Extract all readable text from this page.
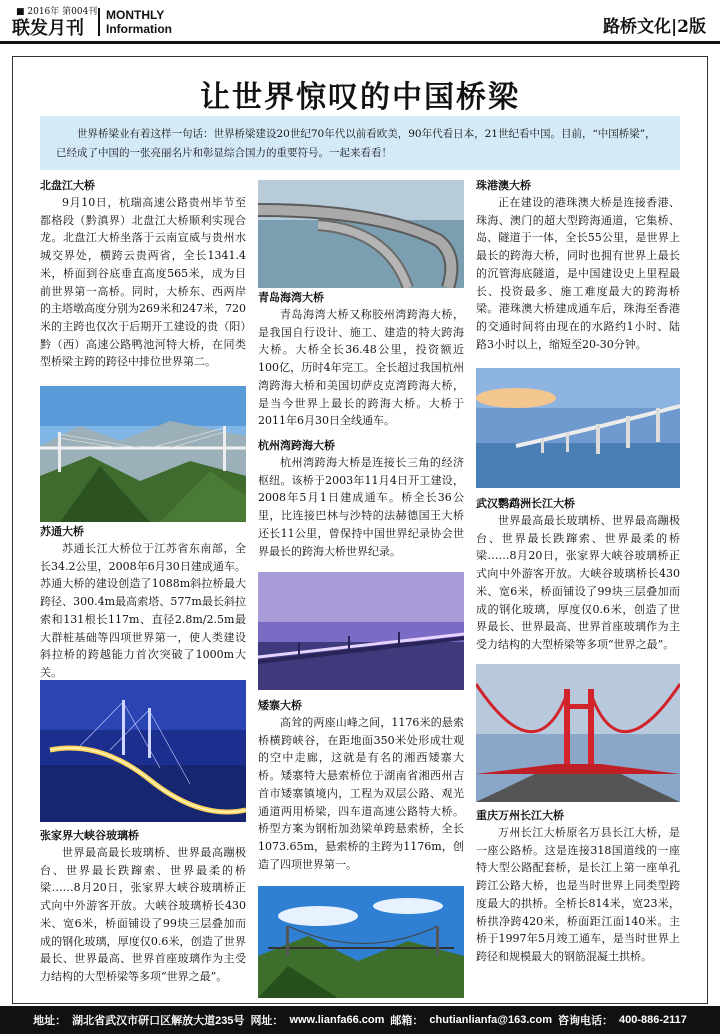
■ 2016年 第004刊
联发月刊
MONTHLY
Information	路桥文化|2版
让世界惊叹的中国桥梁
世界桥梁业有着这样一句话：世界桥梁建设20世纪70年代以前看欧美，90年代看日本，21世纪看中国。目前，“中国桥梁”，已经成了中国的一张亮丽名片和彰显综合国力的重要符号。一起来看看！
北盘江大桥

9月10日，杭瑞高速公路贵州毕节至都格段（黔滇界）北盘江大桥顺利实现合龙。北盘江大桥坐落于云南宣威与贵州水城交界处，横跨云贵两省，全长1341.4米，桥面到谷底垂直高度565米，成为目前世界第一高桥。同时，大桥东、西两岸的主塔墩高度分别为269米和247米，720米的主跨也仅次于后期开工建设的贵（阳）黔（西）高速公路鸭池河特大桥，在同类型桥梁主跨的跨径中排位世界第二。

苏通大桥

苏通长江大桥位于江苏省东南部，全长34.2公里，2008年6月30日建成通车。苏通大桥的建设创造了1088m斜拉桥最大跨径、300.4m最高索塔、577m最长斜拉索和131根长117m、直径2.8m/2.5m最大群桩基础等四项世界第一，使人类建设斜拉桥的跨越能力首次突破了1000m大关。

张家界大峡谷玻璃桥

世界最高最长玻璃桥、世界最高蹦极台、世界最长跌蹿索、世界最柔的桥梁……8月20日，张家界大峡谷玻璃桥正式向中外游客开放。大峡谷玻璃桥长430米、宽6米，桥面铺设了99块三层叠加而成的钢化玻璃，厚度仅0.6米，创造了世界最长、世界最高、世界首座玻璃作为主受力结构的大型桥梁等多项“世界之最”。

青岛海湾大桥

青岛海湾大桥又称胶州湾跨海大桥，是我国自行设计、施工、建造的特大跨海大桥。大桥全长36.48公里，投资额近100亿，历时4年完工。全长超过我国杭州湾跨海大桥和美国切萨皮克湾跨海大桥，是当今世界上最长的跨海大桥。大桥于2011年6月30日全线通车。

杭州湾跨海大桥

杭州湾跨海大桥是连接长三角的经济枢纽。该桥于2003年11月4日开工建设，2008年5月1日建成通车。桥全长36公里，比连接巴林与沙特的法赫德国王大桥还长11公里，曾保持中国世界纪录协会世界最长的跨海大桥世界纪录。

矮寨大桥

高耸的两座山峰之间，1176米的悬索桥横跨峡谷，在距地面350米处形成壮观的空中走廊，这就是有名的湘西矮寨大桥。矮寨特大悬索桥位于湖南省湘西州吉首市矮寨镇境内，工程为双层公路、观光通道两用桥梁，四车道高速公路特大桥。桥型方案为钢桁加劲梁单跨悬索桥，全长1073.65m，悬索桥的主跨为1176m，创造了四项世界第一。

珠港澳大桥

正在建设的港珠澳大桥是连接香港、珠海、澳门的超大型跨海通道，它集桥、岛、隧道于一体，全长55公里，是世界上最长的跨海大桥，同时也拥有世界上最长的沉管海底隧道，是中国建设史上里程最长、投资最多、施工难度最大的跨海桥梁。港珠澳大桥建成通车后，珠海至香港的交通时间将由现在的水路约1小时、陆路3小时以上，缩短至20-30分钟。

武汉鹦鹉洲长江大桥

世界最高最长玻璃桥、世界最高蹦极台、世界最长跌蹿索、世界最柔的桥梁……8月20日，张家界大峡谷玻璃桥正式向中外游客开放。大峡谷玻璃桥长430米、宽6米，桥面铺设了99块三层叠加而成的钢化玻璃，厚度仅0.6米，创造了世界最长、世界最高、世界首座玻璃作为主受力结构的大型桥梁等多项“世界之最”。

重庆万州长江大桥

万州长江大桥原名万县长江大桥，是一座公路桥。这是连接318国道线的一座特大型公路配套桥，是长江上第一座单孔跨江公路大桥，也是当时世界上同类型跨度最大的拱桥。全桥长814米，宽23米，桥拱净跨420米，桥面距江面140米。主桥于1997年5月竣工通车，是当时世界上跨径和规模最大的钢筋混凝土拱桥。

地址： 湖北省武汉市研口区解放大道235号 网址： www.lianfa66.com 邮箱： chutianlianfa@163.com 咨询电话： 400-886-2117
